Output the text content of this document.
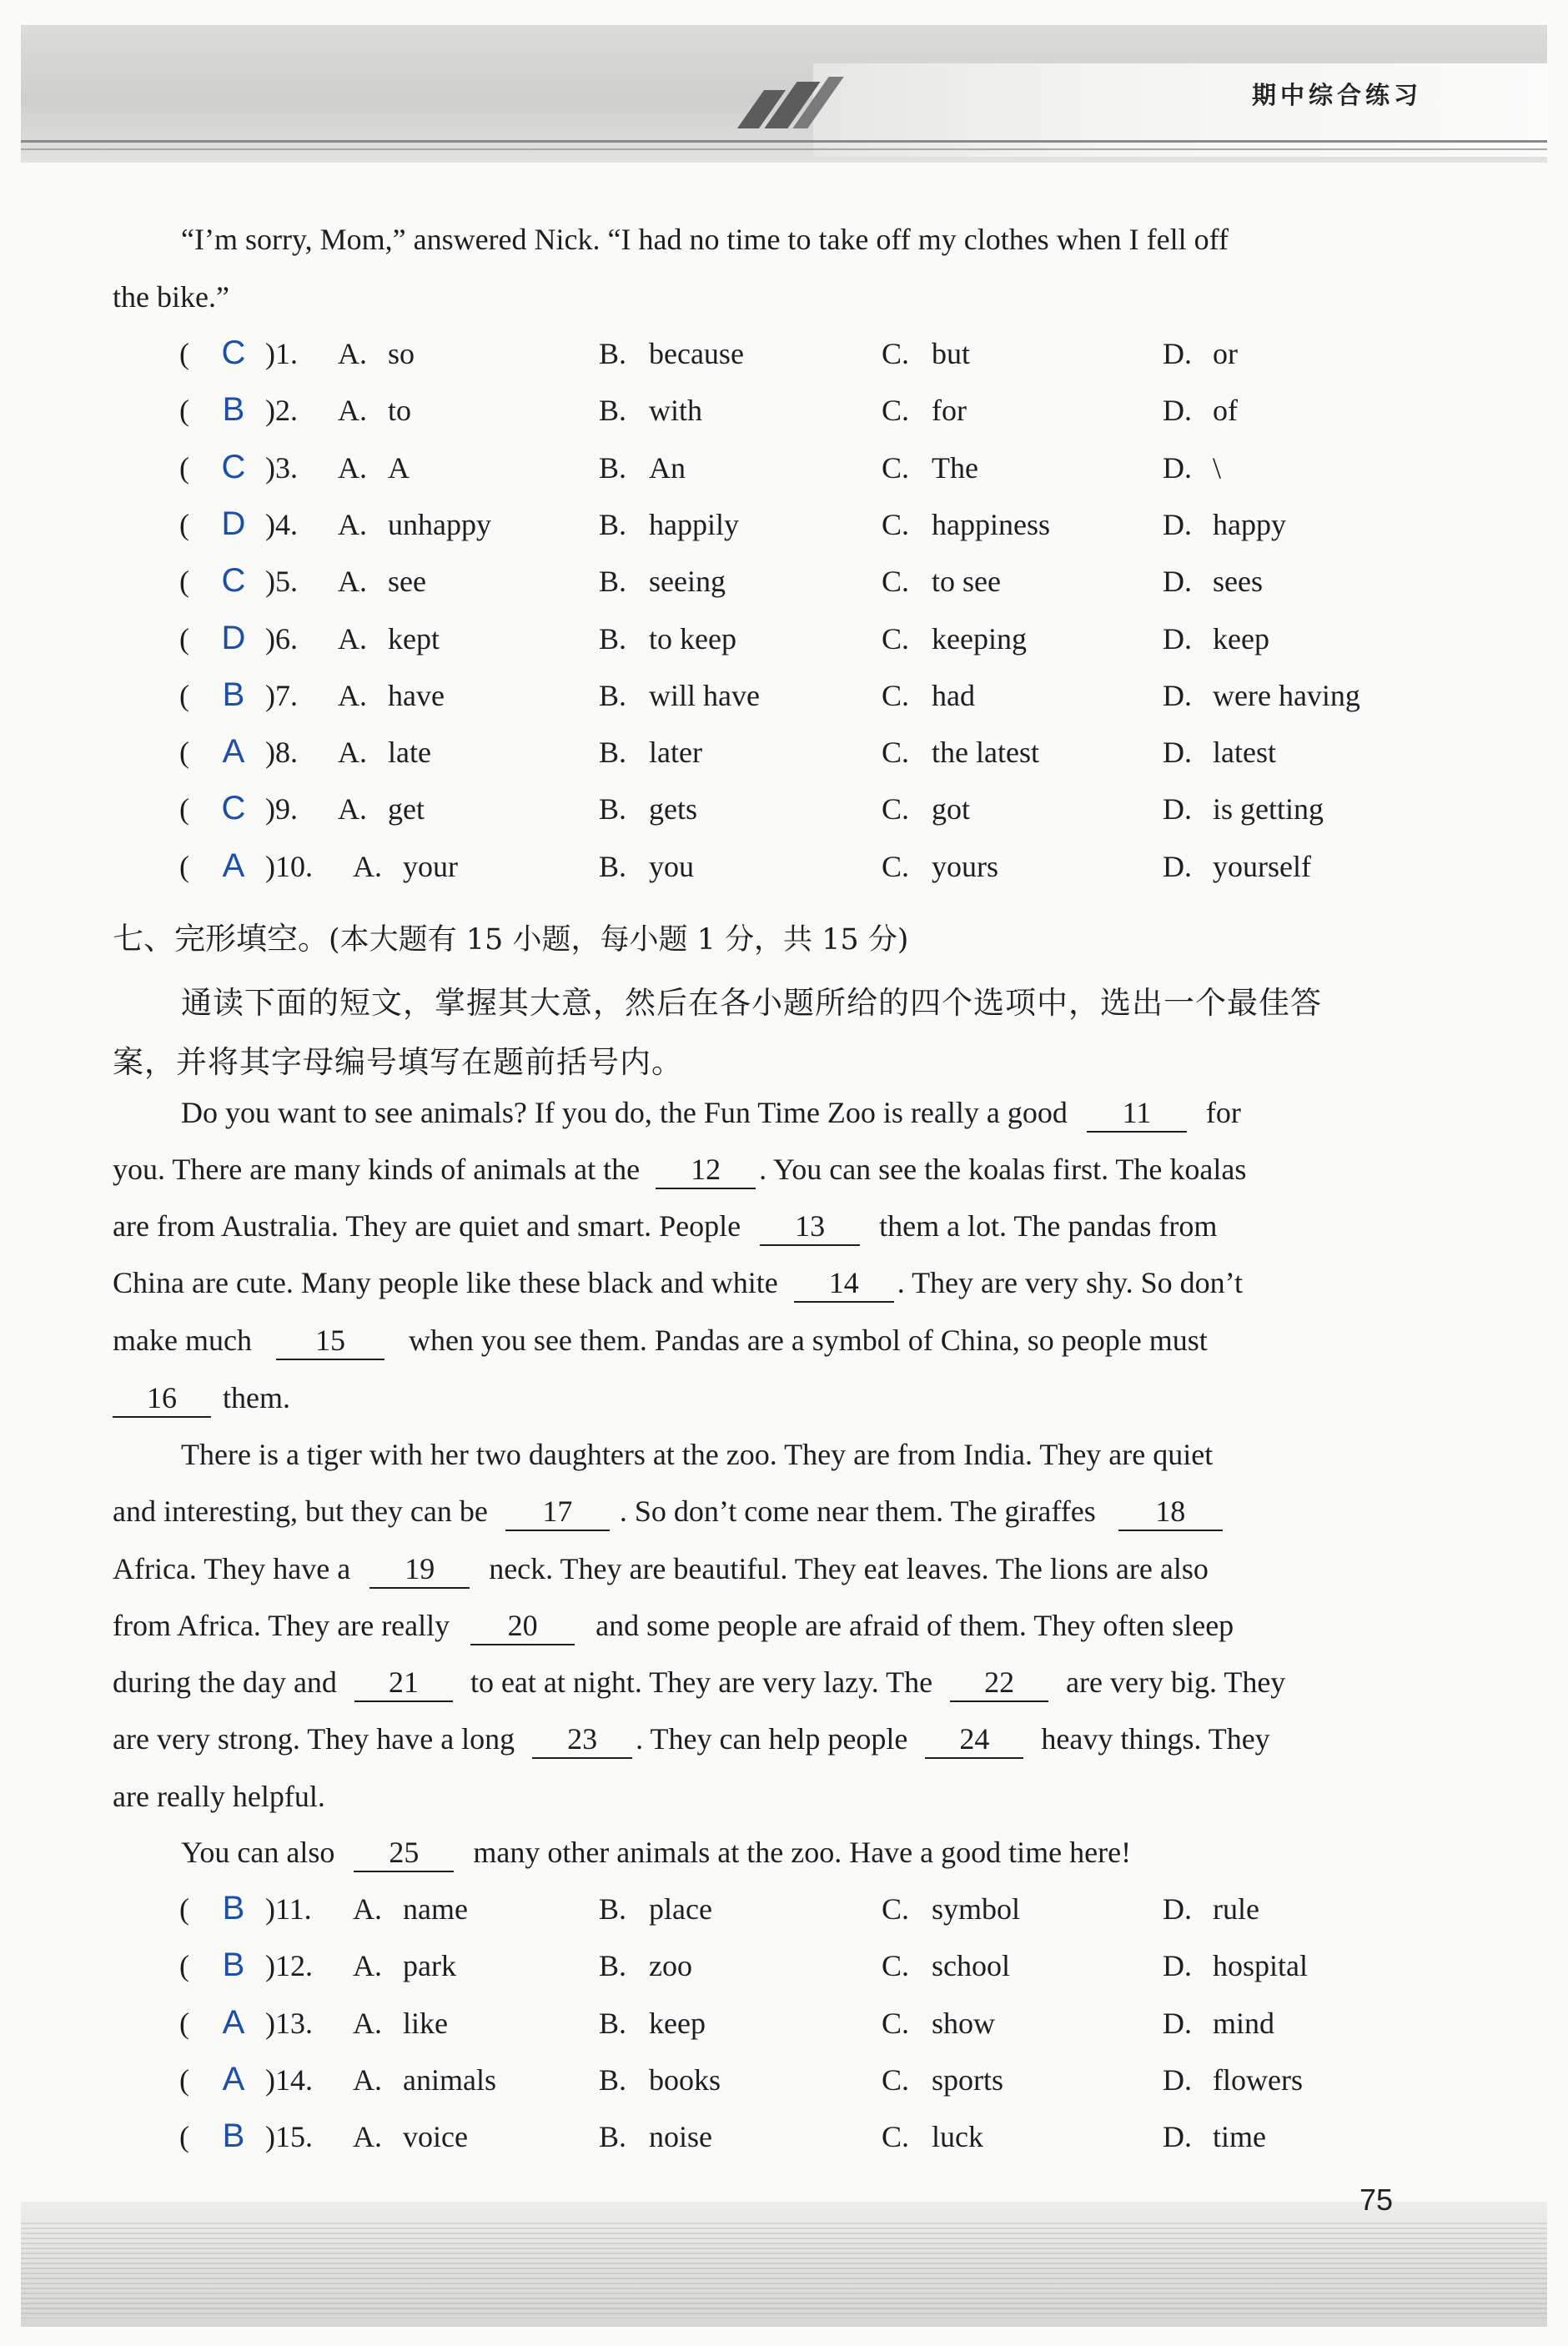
期中综合练习
“I’m sorry, Mom,” answered Nick. “I had no time to take off my clothes when I fell off
the bike.”
( C )1. A. so	B. because	C. but	D. or
( B )2. A. to	B. with	C. for	D. of
( C )3. A. A	B. An	C. The	D. \
( D )4. A. unhappy	B. happily	C. happiness	D. happy
( C )5. A. see	B. seeing	C. to see	D. sees
( D )6. A. kept	B. to keep	C. keeping	D. keep
( B )7. A. have	B. will have	C. had	D. were having
( A )8. A. late	B. later	C. the latest	D. latest
( C )9. A. get	B. gets	C. got	D. is getting
( A )10. A. your	B. you	C. yours	D. yourself
七、完形填空。(本大题有 15 小题，每小题 1 分，共 15 分)
通读下面的短文，掌握其大意，然后在各小题所给的四个选项中，选出一个最佳答
案，并将其字母编号填写在题前括号内。
Do you want to see animals? If you do, the Fun Time Zoo is really a good 11 for
you. There are many kinds of animals at the 12 . You can see the koalas first. The koalas
are from Australia. They are quiet and smart. People 13 them a lot. The pandas from
China are cute. Many people like these black and white 14 . They are very shy. So don’t
make much 15 when you see them. Pandas are a symbol of China, so people must
16 them.
There is a tiger with her two daughters at the zoo. They are from India. They are quiet
and interesting, but they can be 17 . So don’t come near them. The giraffes 18
Africa. They have a 19 neck. They are beautiful. They eat leaves. The lions are also
from Africa. They are really 20 and some people are afraid of them. They often sleep
during the day and 21 to eat at night. They are very lazy. The 22 are very big. They
are very strong. They have a long 23 . They can help people 24 heavy things. They
are really helpful.
You can also 25 many other animals at the zoo. Have a good time here!
( B )11. A. name	B. place	C. symbol	D. rule
( B )12. A. park	B. zoo	C. school	D. hospital
( A )13. A. like	B. keep	C. show	D. mind
( A )14. A. animals	B. books	C. sports	D. flowers
( B )15. A. voice	B. noise	C. luck	D. time
75
